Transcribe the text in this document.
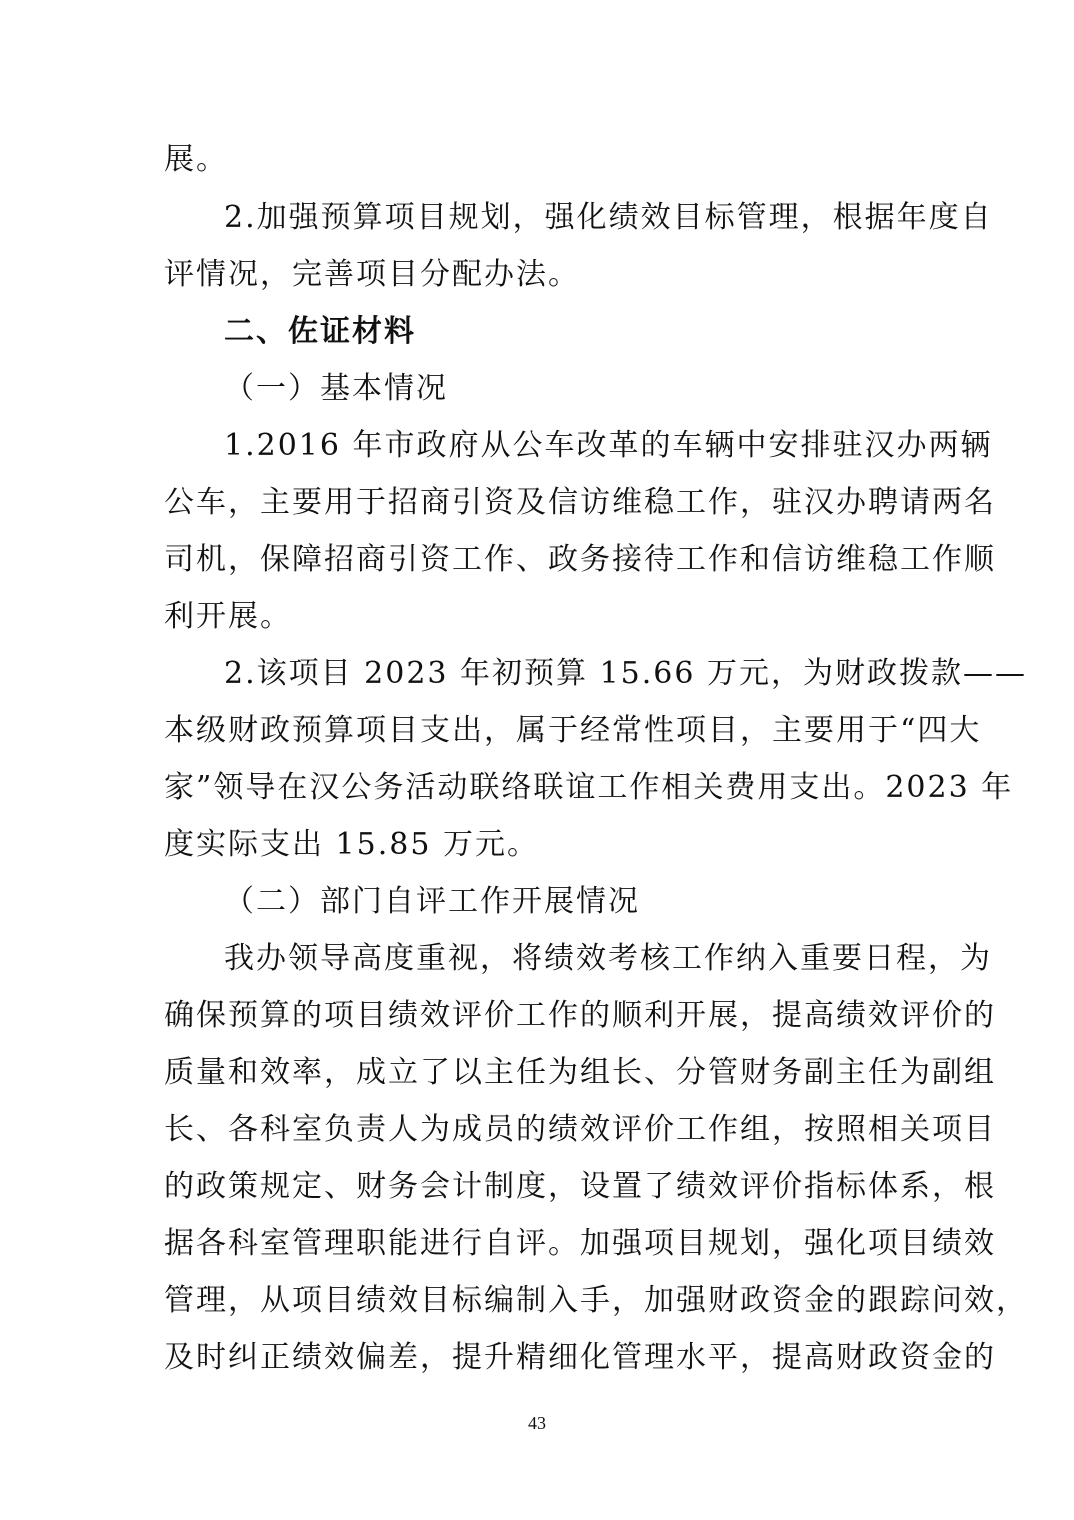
展。
2.加强预算项目规划，强化绩效目标管理，根据年度自
评情况，完善项目分配办法。
二、佐证材料
（一）基本情况
1.2016 年市政府从公车改革的车辆中安排驻汉办两辆
公车，主要用于招商引资及信访维稳工作，驻汉办聘请两名
司机，保障招商引资工作、政务接待工作和信访维稳工作顺
利开展。
2.该项目 2023 年初预算 15.66 万元，为财政拨款——
本级财政预算项目支出，属于经常性项目，主要用于“四大
家”领导在汉公务活动联络联谊工作相关费用支出。2023 年
度实际支出 15.85 万元。
（二）部门自评工作开展情况
我办领导高度重视，将绩效考核工作纳入重要日程，为
确保预算的项目绩效评价工作的顺利开展，提高绩效评价的
质量和效率，成立了以主任为组长、分管财务副主任为副组
长、各科室负责人为成员的绩效评价工作组，按照相关项目
的政策规定、财务会计制度，设置了绩效评价指标体系，根
据各科室管理职能进行自评。加强项目规划，强化项目绩效
管理，从项目绩效目标编制入手，加强财政资金的跟踪问效，
及时纠正绩效偏差，提升精细化管理水平，提高财政资金的
43
